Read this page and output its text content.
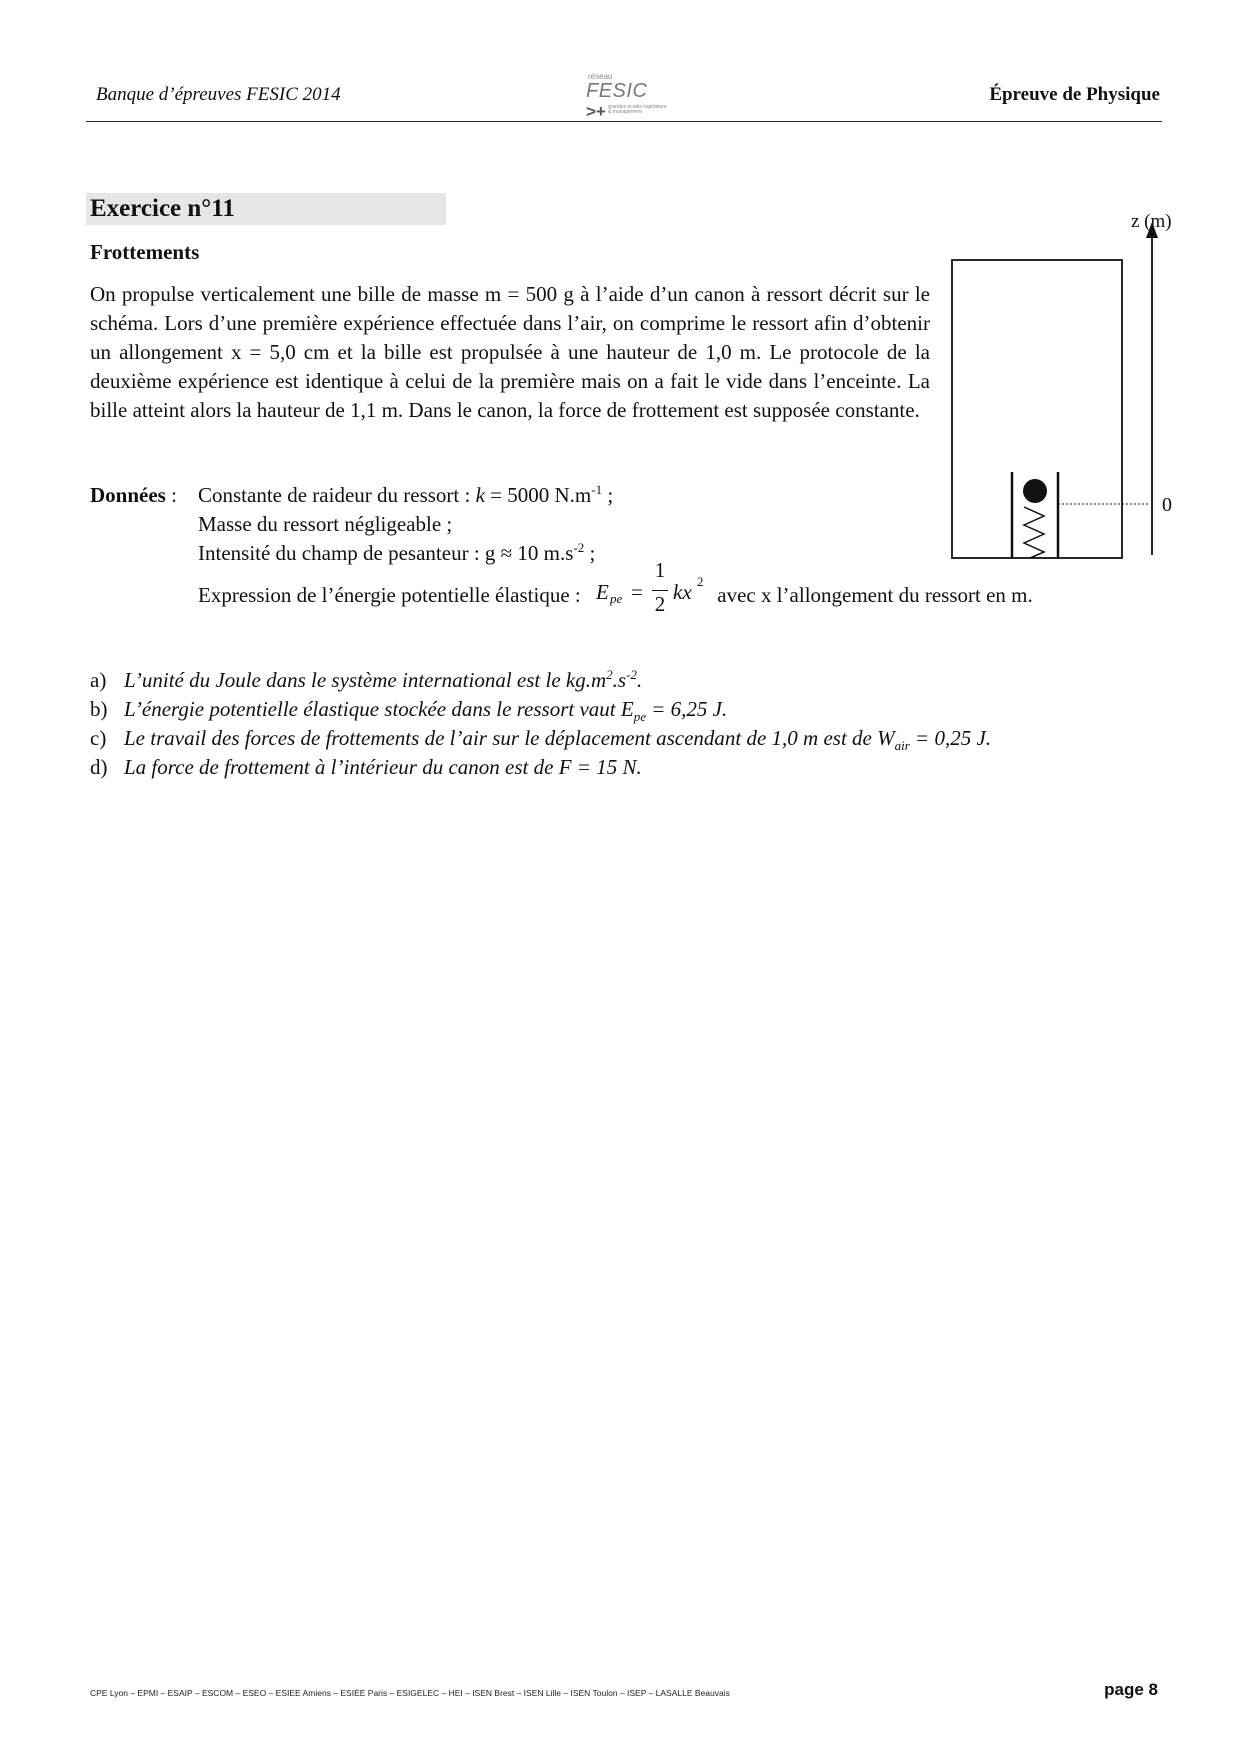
Banque d’épreuves FESIC 2014
réseau
FESIC
>+ grandes écoles ingénieurs & management
Épreuve de Physique
Exercice n°11
Frottements
On propulse verticalement une bille de masse m = 500 g à l’aide d’un canon à ressort décrit sur le schéma. Lors d’une première expérience effectuée dans l’air, on comprime le ressort afin d’obtenir un allongement x = 5,0 cm et la bille est propulsée à une hauteur de 1,0 m. Le protocole de la deuxième expérience est identique à celui de la première mais on a fait le vide dans l’enceinte. La bille atteint alors la hauteur de 1,1 m. Dans le canon, la force de frottement est supposée constante.
z (m)
0
Données : Constante de raideur du ressort : k = 5000 $N.m^{-1}$ ;
Masse du ressort négligeable ;
Intensité du champ de pesanteur : g ≈ 10 $m.s^{-2}$ ;
Expression de l’énergie potentielle élastique : E pe =
1
2 kx 2
avec x l’allongement du ressort en m.
a) L’unité du Joule dans le système international est le $kg.m^2.s^{-2}$.
b) L’énergie potentielle élastique stockée dans le ressort vaut $E_{pe} = 6,25$ J.
c) Le travail des forces de frottements de l’air sur le déplacement ascendant de 1,0 m est de $W_{air} = 0,25$ J.
d) La force de frottement à l’intérieur du canon est de F = 15 N.
CPE Lyon – EPMI – ESAIP – ESCOM – ESEO – ESIEE Amiens – ESIEE Paris – ESIGELEC – HEI – ISEN Brest – ISEN Lille – ISEN Toulon – ISEP – LASALLE Beauvais	page 8
